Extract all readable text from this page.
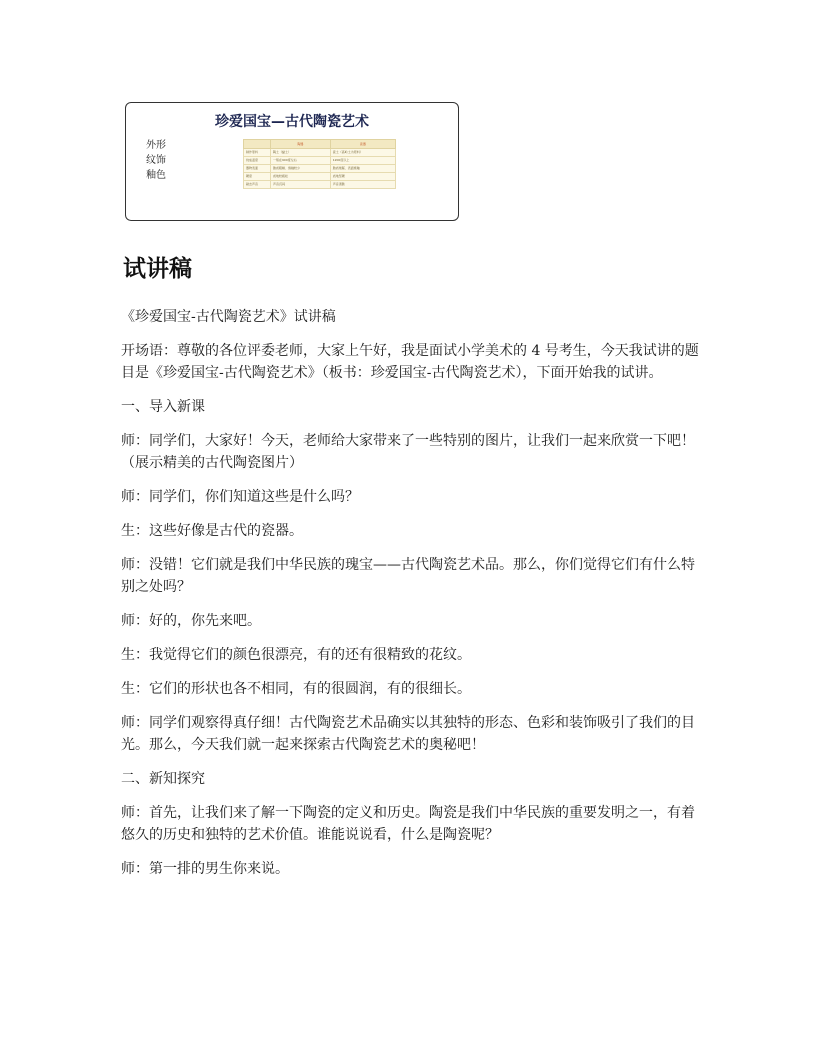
珍爱国宝—古代陶瓷艺术
外形
纹饰
釉色
	陶器	瓷器
制作原料	陶土（黏土）	瓷土（高岭土为原料）
烧成温度	一般在900度左右	1200度以上
器物表面	胎质粗糙、施釉较少	胎质细腻、表面施釉
硬度	质地较疏松	质地坚硬
敲击声音	声音沉闷	声音清脆
试讲稿

《珍爱国宝-古代陶瓷艺术》试讲稿

开场语：尊敬的各位评委老师，大家上午好，我是面试小学美术的 4 号考生，今天我试讲的题目是《珍爱国宝-古代陶瓷艺术》（板书：珍爱国宝-古代陶瓷艺术），下面开始我的试讲。

一、导入新课

师：同学们，大家好！今天，老师给大家带来了一些特别的图片，让我们一起来欣赏一下吧！（展示精美的古代陶瓷图片）

师：同学们，你们知道这些是什么吗？

生：这些好像是古代的瓷器。

师：没错！它们就是我们中华民族的瑰宝——古代陶瓷艺术品。那么，你们觉得它们有什么特别之处吗？

师：好的，你先来吧。

生：我觉得它们的颜色很漂亮，有的还有很精致的花纹。

生：它们的形状也各不相同，有的很圆润，有的很细长。

师：同学们观察得真仔细！古代陶瓷艺术品确实以其独特的形态、色彩和装饰吸引了我们的目光。那么，今天我们就一起来探索古代陶瓷艺术的奥秘吧！

二、新知探究

师：首先，让我们来了解一下陶瓷的定义和历史。陶瓷是我们中华民族的重要发明之一，有着悠久的历史和独特的艺术价值。谁能说说看，什么是陶瓷呢？

师：第一排的男生你来说。
